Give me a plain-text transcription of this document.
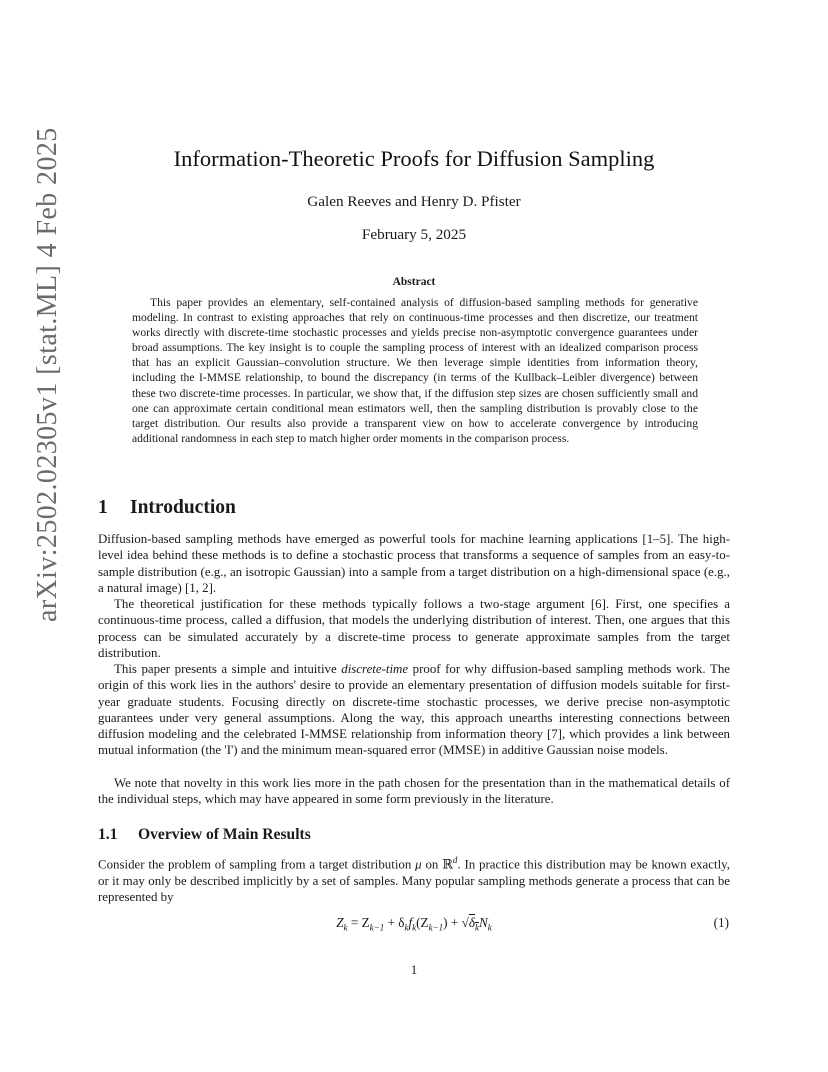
arXiv:2502.02305v1 [stat.ML] 4 Feb 2025	Information-Theoretic Proofs for Diffusion Sampling
Galen Reeves and Henry D. Pfister
February 5, 2025
Abstract

This paper provides an elementary, self-contained analysis of diffusion-based sampling methods for generative modeling. In contrast to existing approaches that rely on continuous-time processes and then discretize, our treatment works directly with discrete-time stochastic processes and yields precise non-asymptotic convergence guarantees under broad assumptions. The key insight is to couple the sampling process of interest with an idealized comparison process that has an explicit Gaussian–convolution structure. We then leverage simple identities from information theory, including the I-MMSE relationship, to bound the discrepancy (in terms of the Kullback–Leibler divergence) between these two discrete-time processes. In particular, we show that, if the diffusion step sizes are chosen sufficiently small and one can approximate certain conditional mean estimators well, then the sampling distribution is provably close to the target distribution. Our results also provide a transparent view on how to accelerate convergence by introducing additional randomness in each step to match higher order moments in the comparison process.

1 Introduction

Diffusion-based sampling methods have emerged as powerful tools for machine learning applications [1–5]. The high-level idea behind these methods is to define a stochastic process that transforms a sequence of samples from an easy-to-sample distribution (e.g., an isotropic Gaussian) into a sample from a target distribution on a high-dimensional space (e.g., a natural image) [1, 2].

The theoretical justification for these methods typically follows a two-stage argument [6]. First, one specifies a continuous-time process, called a diffusion, that models the underlying distribution of interest. Then, one argues that this process can be simulated accurately by a discrete-time process to generate approximate samples from the target distribution.

This paper presents a simple and intuitive discrete-time proof for why diffusion-based sampling methods work. The origin of this work lies in the authors' desire to provide an elementary presentation of diffusion models suitable for first-year graduate students. Focusing directly on discrete-time stochastic processes, we derive precise non-asymptotic guarantees under very general assumptions. Along the way, this approach unearths interesting connections between diffusion modeling and the celebrated I-MMSE relationship from information theory [7], which provides a link between mutual information (the 'I') and the minimum mean-squared error (MMSE) in additive Gaussian noise models.

We note that novelty in this work lies more in the path chosen for the presentation than in the mathematical details of the individual steps, which may have appeared in some form previously in the literature.

1.1 Overview of Main Results

Consider the problem of sampling from a target distribution μ on ℝ$^d$. In practice this distribution may be known exactly, or it may only be described implicitly by a set of samples. Many popular sampling methods generate a process that can be represented by

$Z_k = Z_{k-1} + \delta_kf_k(Z_{k-1}) + √\delta_kN_k$	(1)
1
